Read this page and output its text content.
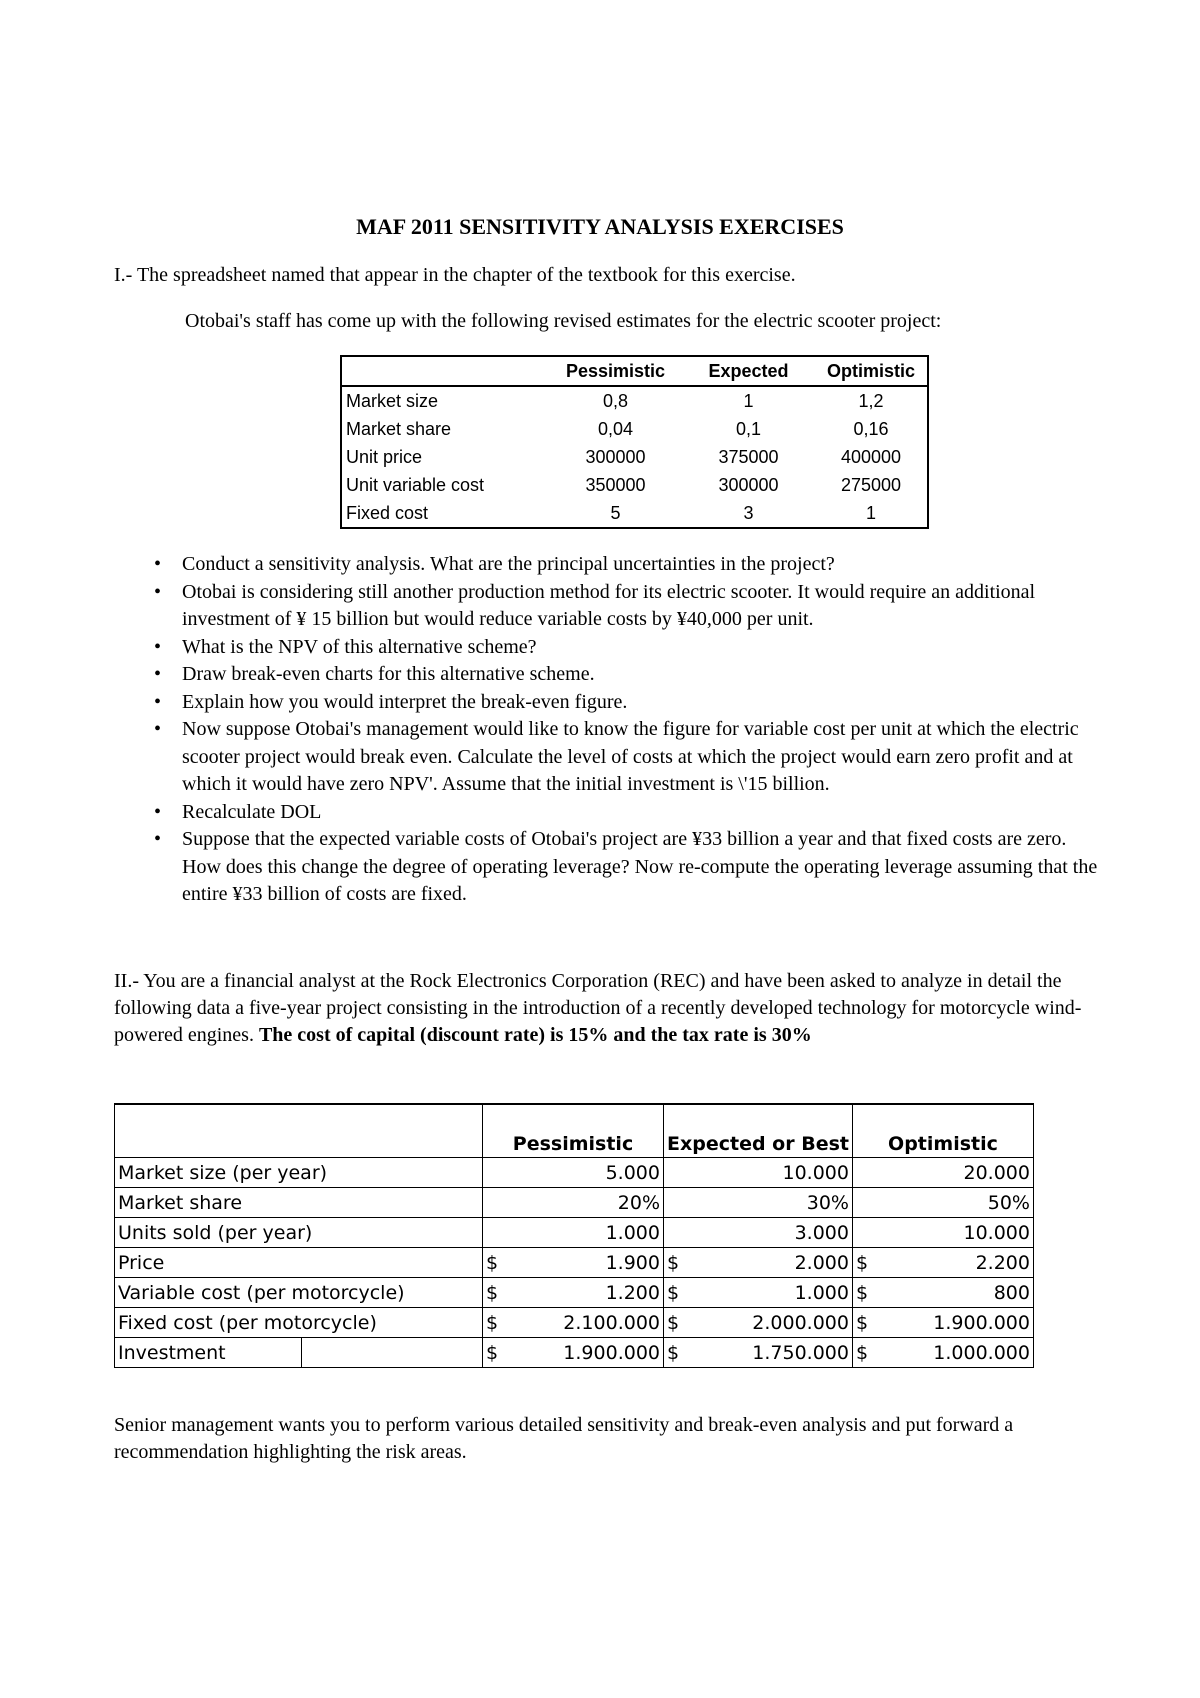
MAF 2011 SENSITIVITY ANALYSIS EXERCISES
I.- The spreadsheet named that appear in the chapter of the textbook for this exercise.
Otobai's staff has come up with the following revised estimates for the electric scooter project:
	Pessimistic	Expected	Optimistic
Market size	0,8	1	1,2
Market share	0,04	0,1	0,16
Unit price	300000	375000	400000
Unit variable cost	350000	300000	275000
Fixed cost	5	3	1
• Conduct a sensitivity analysis. What are the principal uncertainties in the project?
• Otobai is considering still another production method for its electric scooter. It would require an additional investment of ¥ 15 billion but would reduce variable costs by ¥40,000 per unit.
• What is the NPV of this alternative scheme?
• Draw break-even charts for this alternative scheme.
• Explain how you would interpret the break-even figure.
• Now suppose Otobai's management would like to know the figure for variable cost per unit at which the electric scooter project would break even. Calculate the level of costs at which the project would earn zero profit and at which it would have zero NPV'. Assume that the initial investment is \'15 billion.
• Recalculate DOL
• Suppose that the expected variable costs of Otobai's project are ¥33 billion a year and that fixed costs are zero. How does this change the degree of operating leverage? Now re-compute the operating leverage assuming that the entire ¥33 billion of costs are fixed.
II.- You are a financial analyst at the Rock Electronics Corporation (REC) and have been asked to analyze in detail the following data a five-year project consisting in the introduction of a recently developed technology for motorcycle wind-powered engines. The cost of capital (discount rate) is 15% and the tax rate is 30%
		Pessimistic		Expected or Best		Optimistic	
Market size (per year)		5.000		10.000		20.000	
Market share		20%		30%		50%	
Units sold (per year)		1.000		3.000		10.000	
Price		$	1.900	$	2.000	$	2.200
Variable cost (per motorcycle)		$	1.200	$	1.000	$	800
Fixed cost (per motorcycle)		$	2.100.000	$	2.000.000	$	1.900.000
Investment		$	1.900.000	$	1.750.000	$	1.000.000
Senior management wants you to perform various detailed sensitivity and break-even analysis and put forward a recommendation highlighting the risk areas.
